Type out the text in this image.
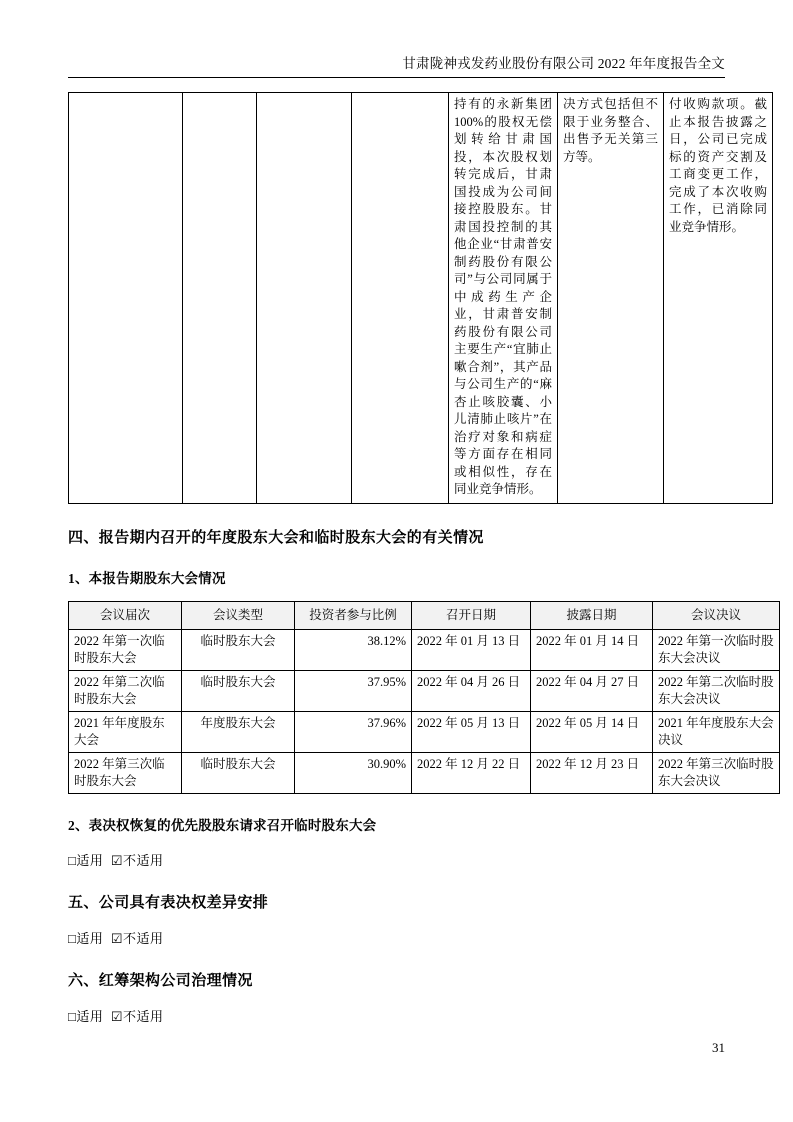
甘肃陇神戎发药业股份有限公司 2022 年年度报告全文
				持有的永新集团 100%的股权无偿划转给甘肃国投，本次股权划转完成后，甘肃国投成为公司间接控股股东。甘肃国投控制的其他企业“甘肃普安制药股份有限公司”与公司同属于中成药生产企业，甘肃普安制药股份有限公司主要生产“宜肺止嗽合剂”，其产品与公司生产的“麻杏止咳胶囊、小儿清肺止咳片”在治疗对象和病症等方面存在相同或相似性，存在同业竞争情形。	决方式包括但不限于业务整合、出售予无关第三方等。	付收购款项。截止本报告披露之日，公司已完成标的资产交割及工商变更工作，完成了本次收购工作，已消除同业竞争情形。
四、报告期内召开的年度股东大会和临时股东大会的有关情况
1、本报告期股东大会情况
会议届次	会议类型	投资者参与比例	召开日期	披露日期	会议决议
2022 年第一次临时股东大会	临时股东大会	38.12%	2022 年 01 月 13 日	2022 年 01 月 14 日	2022 年第一次临时股东大会决议
2022 年第二次临时股东大会	临时股东大会	37.95%	2022 年 04 月 26 日	2022 年 04 月 27 日	2022 年第二次临时股东大会决议
2021 年年度股东大会	年度股东大会	37.96%	2022 年 05 月 13 日	2022 年 05 月 14 日	2021 年年度股东大会决议
2022 年第三次临时股东大会	临时股东大会	30.90%	2022 年 12 月 22 日	2022 年 12 月 23 日	2022 年第三次临时股东大会决议
2、表决权恢复的优先股股东请求召开临时股东大会

□ 适用 ☑ 不适用

五、公司具有表决权差异安排

□ 适用 ☑ 不适用

六、红筹架构公司治理情况

□ 适用 ☑ 不适用

31
